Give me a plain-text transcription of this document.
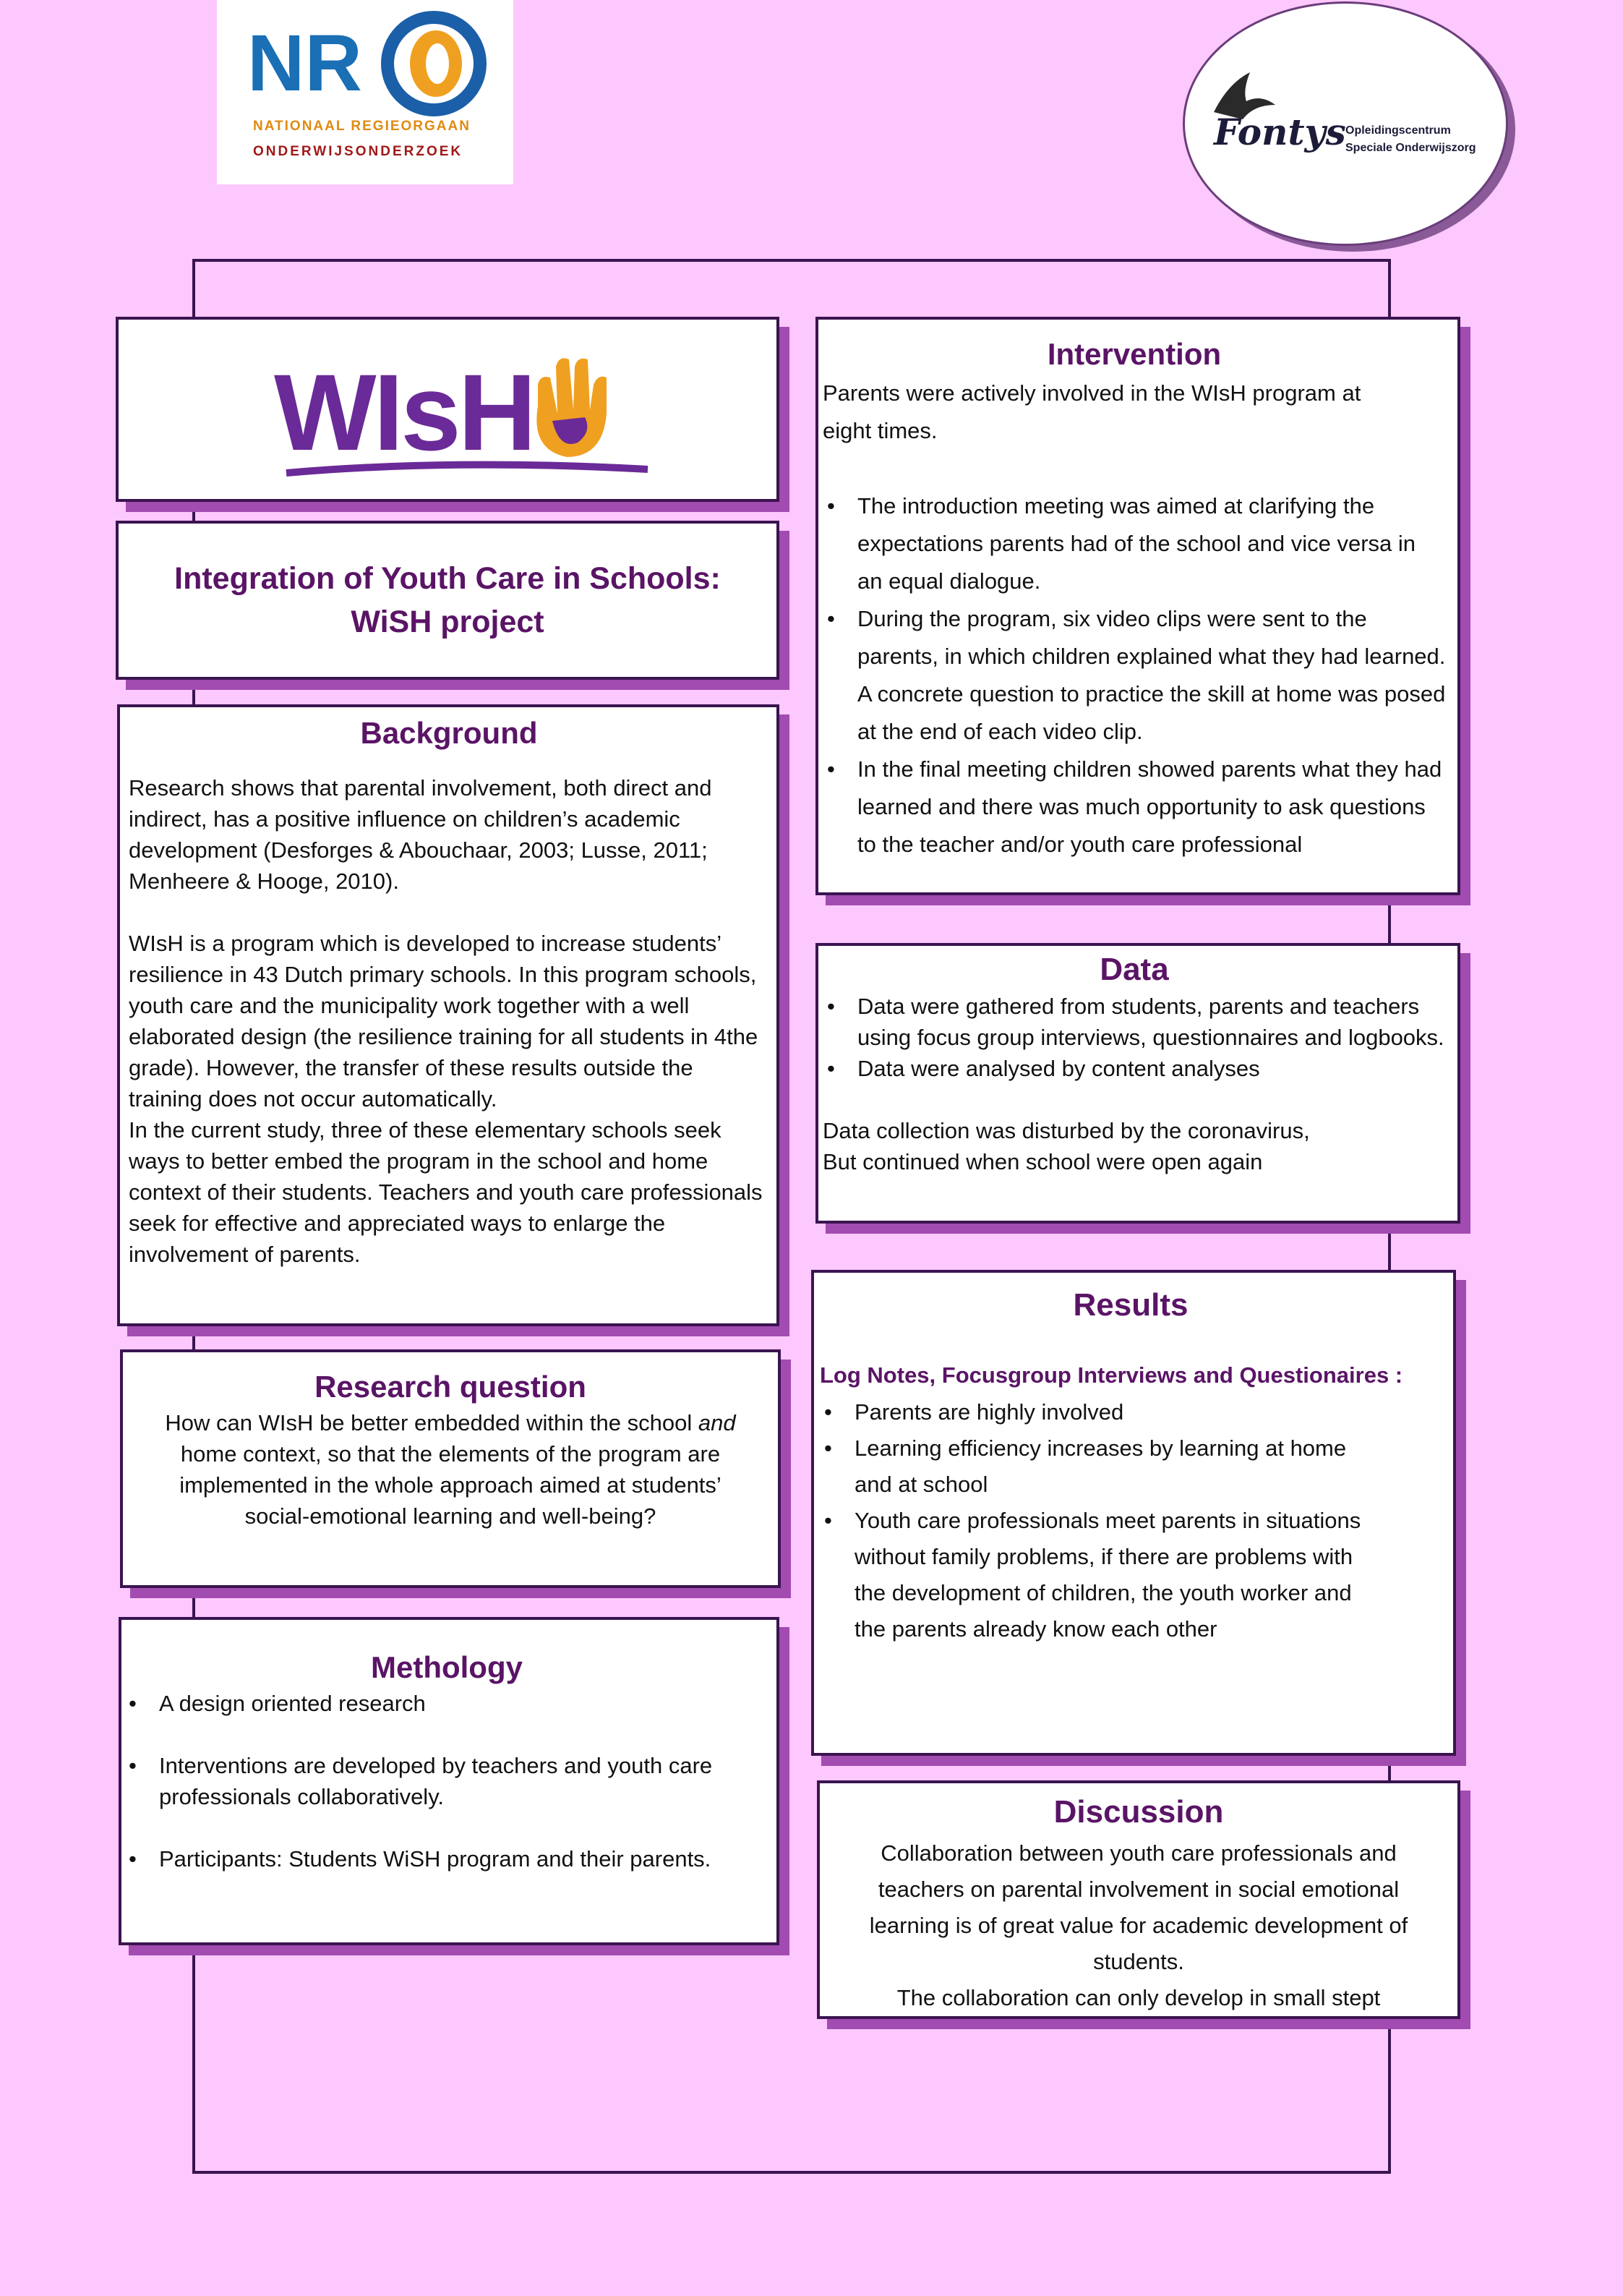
NR
NATIONAAL REGIEORGAAN
ONDERWIJSONDERZOEK	Fontys Opleidingscentrum
Speciale Onderwijszorg
WIsH

Integration of Youth Care in Schools:

WiSH project

Background

Research shows that parental involvement, both direct and indirect, has a positive influence on children’s academic development (Desforges & Abouchaar, 2003; Lusse, 2011; Menheere & Hooge, 2010).

WIsH is a program which is developed to increase students’ resilience in 43 Dutch primary schools. In this program schools, youth care and the municipality work together with a well elaborated design (the resilience training for all students in 4the grade). However, the transfer of these results outside the training does not occur automatically.

In the current study, three of these elementary schools seek ways to better embed the program in the school and home context of their students. Teachers and youth care professionals seek for effective and appreciated ways to enlarge the involvement of parents.

Research question

How can WIsH be better embedded within the school and home context, so that the elements of the program are implemented in the whole approach aimed at students’ social-emotional learning and well-being?

Methology

• A design oriented research
• Interventions are developed by teachers and youth care professionals collaboratively.
• Participants: Students WiSH program and their parents.

Intervention

Parents were actively involved in the WIsH program at eight times.

• The introduction meeting was aimed at clarifying the expectations parents had of the school and vice versa in an equal dialogue.
• During the program, six video clips were sent to the parents, in which children explained what they had learned. A concrete question to practice the skill at home was posed at the end of each video clip.
• In the final meeting children showed parents what they had learned and there was much opportunity to ask questions to the teacher and/or youth care professional

Data

• Data were gathered from students, parents and teachers using focus group interviews, questionnaires and logbooks.
• Data were analysed by content analyses

Data collection was disturbed by the coronavirus,

But continued when school were open again

Results

Log Notes, Focusgroup Interviews and Questionaires :

• Parents are highly involved
• Learning efficiency increases by learning at home and at school
• Youth care professionals meet parents in situations without family problems, if there are problems with the development of children, the youth worker and the parents already know each other

Discussion

Collaboration between youth care professionals and teachers on parental involvement in social emotional learning is of great value for academic development of students.

The collaboration can only develop in small stept
